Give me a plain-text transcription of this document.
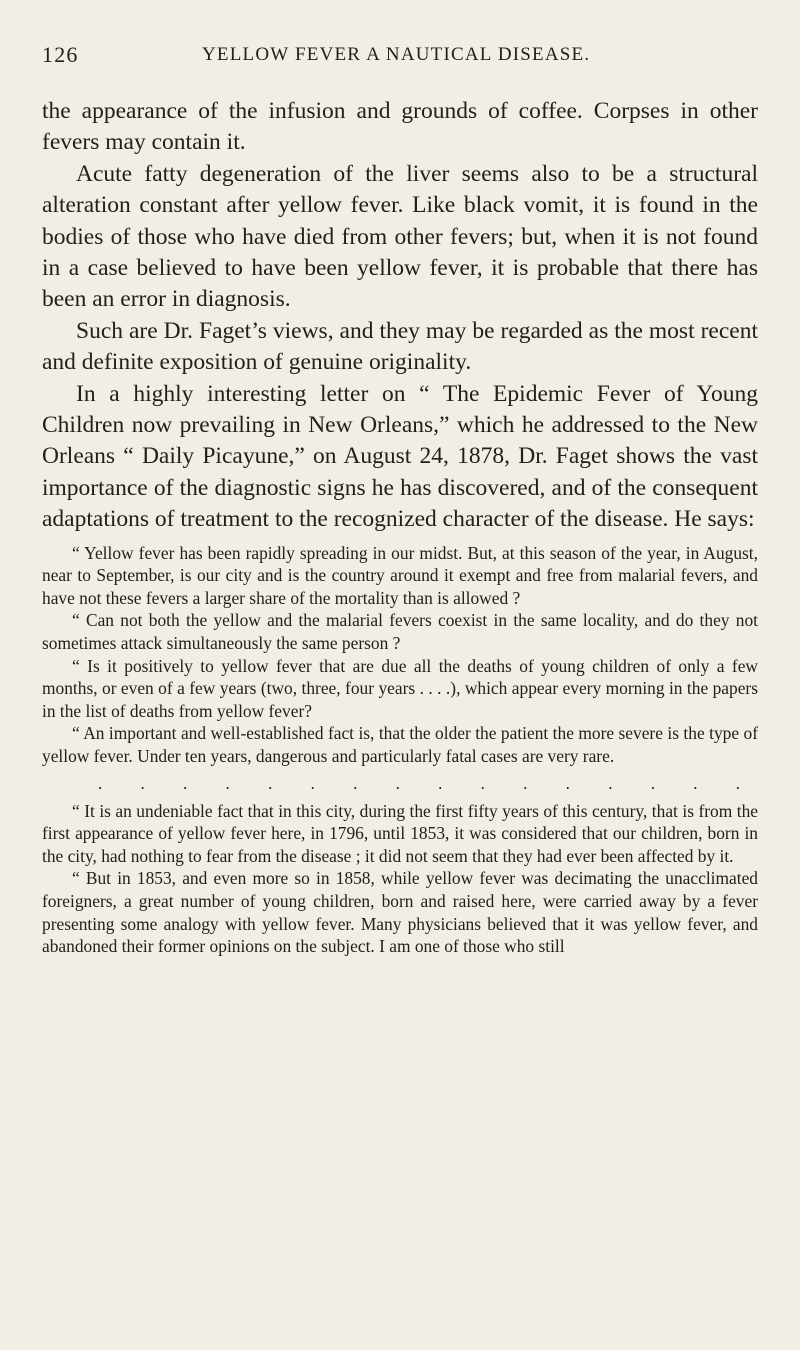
126	YELLOW FEVER A NAUTICAL DISEASE.

the appearance of the infusion and grounds of coffee. Corpses in other fevers may contain it.

Acute fatty degeneration of the liver seems also to be a structural alteration constant after yellow fever. Like black vomit, it is found in the bodies of those who have died from other fevers; but, when it is not found in a case believed to have been yellow fever, it is probable that there has been an error in diagnosis.

Such are Dr. Faget’s views, and they may be regarded as the most recent and definite exposition of genuine originality.

In a highly interesting letter on “ The Epidemic Fever of Young Children now prevailing in New Orleans,” which he addressed to the New Orleans “ Daily Picayune,” on August 24, 1878, Dr. Faget shows the vast importance of the diagnostic signs he has discovered, and of the consequent adaptations of treatment to the recognized character of the disease. He says:

“ Yellow fever has been rapidly spreading in our midst. But, at this season of the year, in August, near to September, is our city and is the country around it exempt and free from malarial fevers, and have not these fevers a larger share of the mortality than is allowed ?

“ Can not both the yellow and the malarial fevers coexist in the same locality, and do they not sometimes attack simultaneously the same person ?

“ Is it positively to yellow fever that are due all the deaths of young children of only a few months, or even of a few years (two, three, four years . . . .), which appear every morning in the papers in the list of deaths from yellow fever?

“ An important and well-established fact is, that the older the patient the more severe is the type of yellow fever. Under ten years, dangerous and particularly fatal cases are very rare.

. . . . . . . . . . . . . . . .

“ It is an undeniable fact that in this city, during the first fifty years of this century, that is from the first appearance of yellow fever here, in 1796, until 1853, it was considered that our children, born in the city, had nothing to fear from the disease ; it did not seem that they had ever been affected by it.

“ But in 1853, and even more so in 1858, while yellow fever was decimating the unacclimated foreigners, a great number of young children, born and raised here, were carried away by a fever presenting some analogy with yellow fever. Many physicians believed that it was yellow fever, and abandoned their former opinions on the subject. I am one of those who still
